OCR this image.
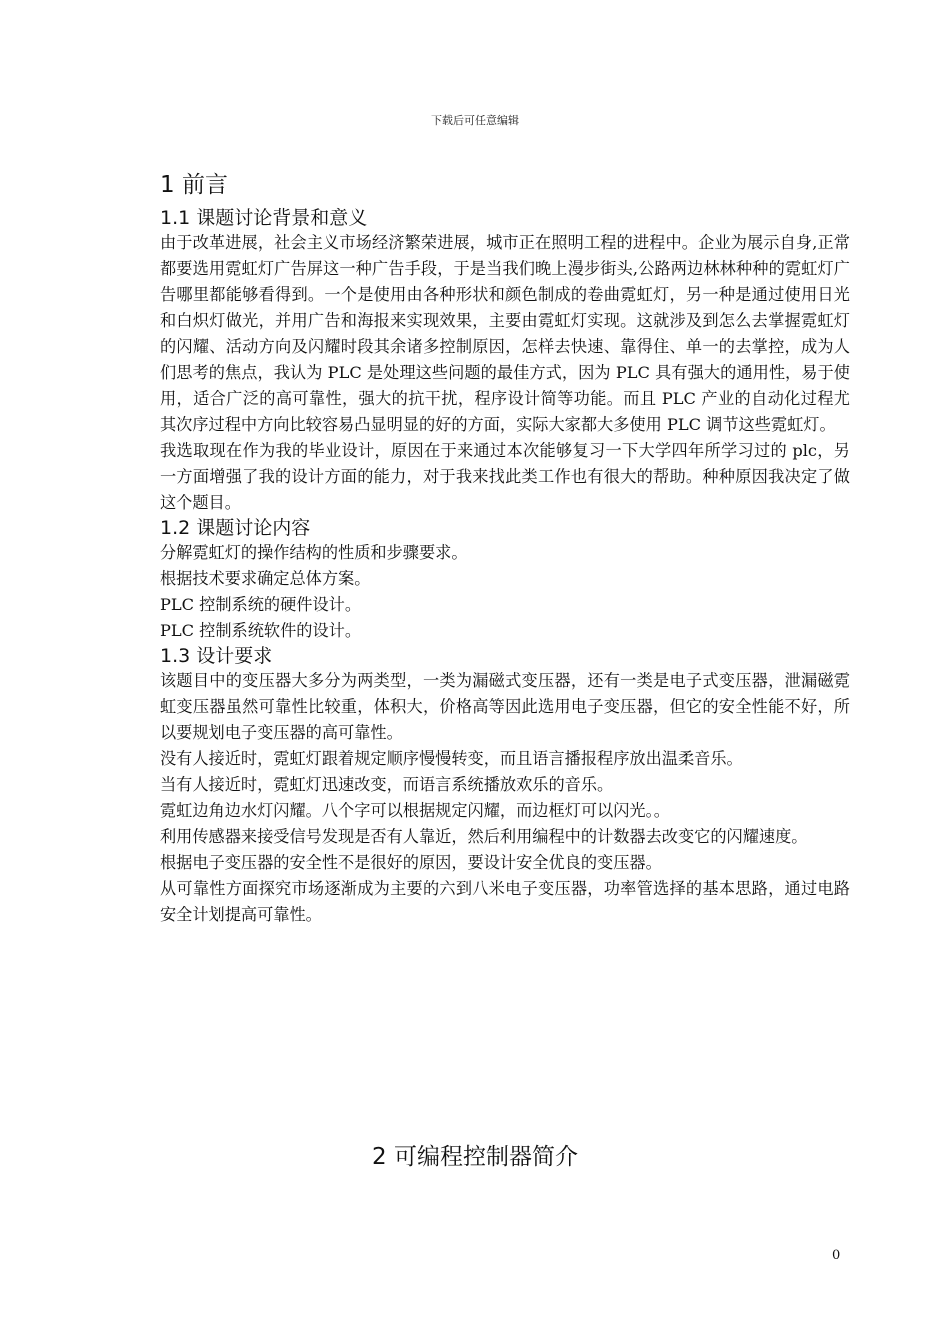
下载后可任意编辑
1 前言
1.1 课题讨论背景和意义

由于改革进展，社会主义市场经济繁荣进展，城市正在照明工程的进程中。企业为展示自身,正常都要选用霓虹灯广告屏这一种广告手段，于是当我们晚上漫步街头,公路两边林林种种的霓虹灯广告哪里都能够看得到。一个是使用由各种形状和颜色制成的卷曲霓虹灯，另一种是通过使用日光和白炽灯做光，并用广告和海报来实现效果，主要由霓虹灯实现。这就涉及到怎么去掌握霓虹灯的闪耀、活动方向及闪耀时段其余诸多控制原因，怎样去快速、靠得住、单一的去掌控，成为人们思考的焦点，我认为 PLC 是处理这些问题的最佳方式，因为 PLC 具有强大的通用性，易于使用，适合广泛的高可靠性，强大的抗干扰，程序设计简等功能。而且 PLC 产业的自动化过程尤其次序过程中方向比较容易凸显明显的好的方面，实际大家都大多使用 PLC 调节这些霓虹灯。

我选取现在作为我的毕业设计，原因在于来通过本次能够复习一下大学四年所学习过的 plc，另一方面增强了我的设计方面的能力，对于我来找此类工作也有很大的帮助。种种原因我决定了做这个题目。

1.2 课题讨论内容

分解霓虹灯的操作结构的性质和步骤要求。

根据技术要求确定总体方案。

PLC 控制系统的硬件设计。

PLC 控制系统软件的设计。

1.3 设计要求

该题目中的变压器大多分为两类型，一类为漏磁式变压器，还有一类是电子式变压器，泄漏磁霓虹变压器虽然可靠性比较重，体积大，价格高等因此选用电子变压器，但它的安全性能不好，所以要规划电子变压器的高可靠性。

没有人接近时，霓虹灯跟着规定顺序慢慢转变，而且语言播报程序放出温柔音乐。

当有人接近时，霓虹灯迅速改变，而语言系统播放欢乐的音乐。

霓虹边角边水灯闪耀。八个字可以根据规定闪耀，而边框灯可以闪光。。

利用传感器来接受信号发现是否有人靠近，然后利用编程中的计数器去改变它的闪耀速度。

根据电子变压器的安全性不是很好的原因，要设计安全优良的变压器。

从可靠性方面探究市场逐渐成为主要的六到八米电子变压器，功率管选择的基本思路，通过电路安全计划提高可靠性。

2 可编程控制器简介
0
